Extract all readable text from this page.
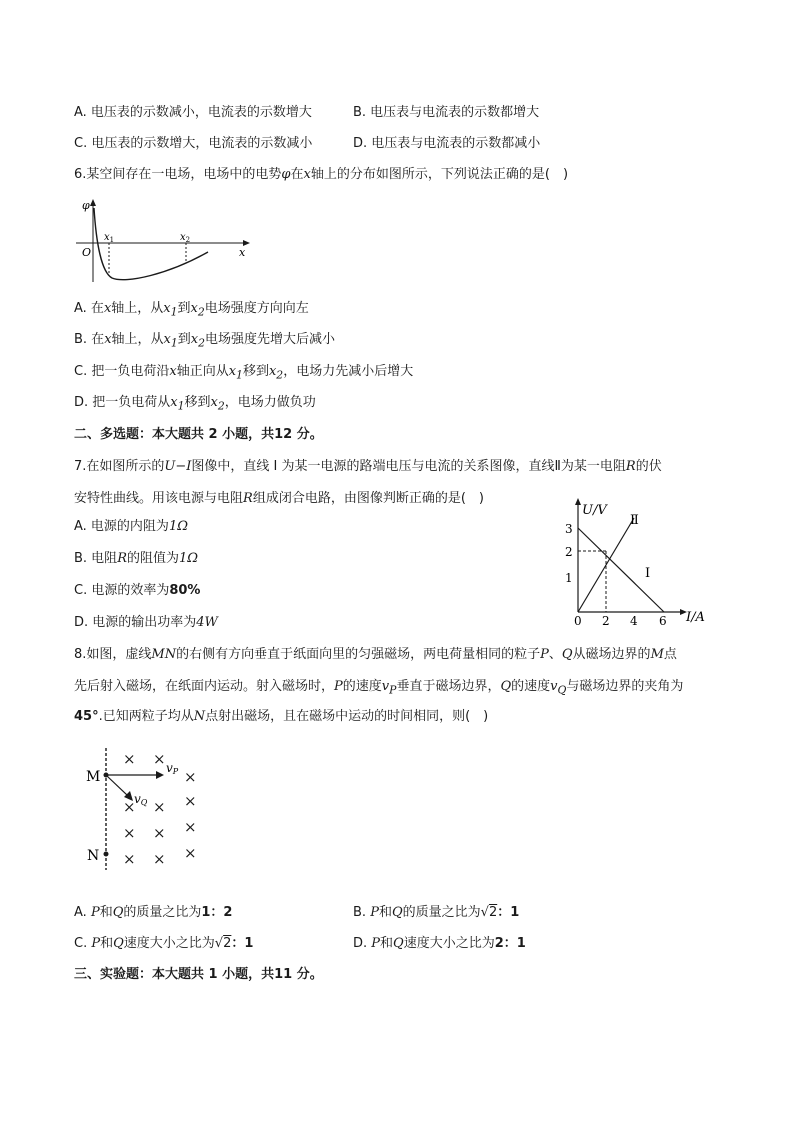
A. 电压表的示数减小，电流表的示数增大	B. 电压表与电流表的示数都增大
C. 电压表的示数增大，电流表的示数减小	D. 电压表与电流表的示数都减小
6.某空间存在一电场，电场中的电势φ在x轴上的分布如图所示，下列说法正确的是(　)
φ
x
O
$x_1$	$x_2$
A. 在x轴上，从$x_1$到$x_2$电场强度方向向左
B. 在x轴上，从$x_1$到$x_2$电场强度先增大后减小
C. 把一负电荷沿x轴正向从$x_1$移到$x_2$，电场力先减小后增大
D. 把一负电荷从$x_1$移到$x_2$，电场力做负功
二、多选题：本大题共 2 小题，共12 分。
7.在如图所示的U−I图像中，直线 I 为某一电源的路端电压与电流的关系图像，直线Ⅱ为某一电阻R的伏
安特性曲线。用该电源与电阻R组成闭合电路，由图像判断正确的是(　)
A. 电源的内阻为1Ω
B. 电阻R的阻值为1Ω
C. 电源的效率为80%
D. 电源的输出功率为4W
U/V
I/A
0
1
2
3
2 4 6
I
Ⅱ
8.如图，虚线MN的右侧有方向垂直于纸面向里的匀强磁场，两电荷量相同的粒子P、Q从磁场边界的M点
先后射入磁场，在纸面内运动。射入磁场时，P的速度$v_P$垂直于磁场边界，Q的速度$v_Q$与磁场边界的夹角为
45°.已知两粒子均从N点射出磁场，且在磁场中运动的时间相同，则(　)
M
N
vP
vQ
× ×
×
× × ×
× × ×
× × ×
A. P和Q的质量之比为1：2	B. P和Q的质量之比为√2：1
C. P和Q速度大小之比为√2：1	D. P和Q速度大小之比为2：1
三、实验题：本大题共 1 小题，共11 分。
